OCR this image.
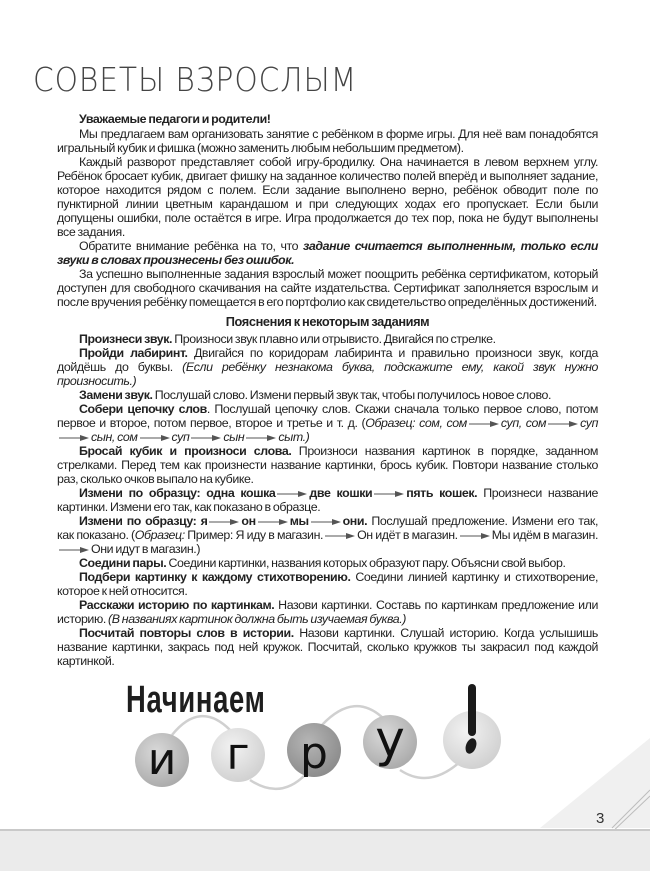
СОВЕТЫ ВЗРОСЛЫМ

Уважаемые педагоги и родители!

Мы предлагаем вам организовать занятие с ребёнком в форме игры. Для неё вам понадобятся игральный кубик и фишка (можно заменить любым небольшим предметом).

Каждый разворот представляет собой игру-бродилку. Она начинается в левом верхнем углу. Ребёнок бросает кубик, двигает фишку на заданное количество полей вперёд и выполняет задание, которое находится рядом с полем. Если задание выполнено верно, ребёнок обводит поле по пунктирной линии цветным карандашом и при следующих ходах его пропускает. Если были допущены ошибки, поле остаётся в игре. Игра продолжается до тех пор, пока не будут выполнены все задания.

Обратите внимание ребёнка на то, что задание считается выполненным, только если звуки в словах произнесены без ошибок.

За успешно выполненные задания взрослый может поощрить ребёнка сертификатом, который доступен для свободного скачивания на сайте издательства. Сертификат заполняется взрослым и после вручения ребёнку помещается в его портфолио как свидетельство определённых достижений.

Пояснения к некоторым заданиям

Произнеси звук. Произноси звук плавно или отрывисто. Двигайся по стрелке.

Пройди лабиринт. Двигайся по коридорам лабиринта и правильно произноси звук, когда дойдёшь до буквы. (Если ребёнку незнакома буква, подскажите ему, какой звук нужно произносить.)

Замени звук. Послушай слово. Измени первый звук так, чтобы получилось новое слово.

Собери цепочку слов. Послушай цепочку слов. Скажи сначала только первое слово, потом первое и второе, потом первое, второе и третье и т. д. (Образец: сом, сом	суп, сом	супсын, сом	суп	сын	сыт.)

Бросай кубик и произноси слова. Произноси названия картинок в порядке, заданном стрелками. Перед тем как произнести название картинки, брось кубик. Повтори название столько раз, сколько очков выпало на кубике.

Измени по образцу: одна кошка	две кошки	пять кошек. Произнеси название картинки. Измени его так, как показано в образце.

Измени по образцу: я	он	мы	они. Послушай предложение. Измени его так, как показано. (Образец: Пример: Я иду в магазин.	Он идёт в магазин.	Мы идём в магазин.Они идут в магазин.)

Соедини пары. Соедини картинки, названия которых образуют пару. Объясни свой выбор.

Подбери картинку к каждому стихотворению. Соедини линией картинку и стихотворение, которое к ней относится.

Расскажи историю по картинкам. Назови картинки. Составь по картинкам предложение или историю. (В названиях картинок должна быть изучаемая буква.)

Посчитай повторы слов в истории. Назови картинки. Слушай историю. Когда услышишь название картинки, закрась под ней кружок. Посчитай, сколько кружков ты закрасил под каждой картинкой.

Начинаем
и г р у
3
